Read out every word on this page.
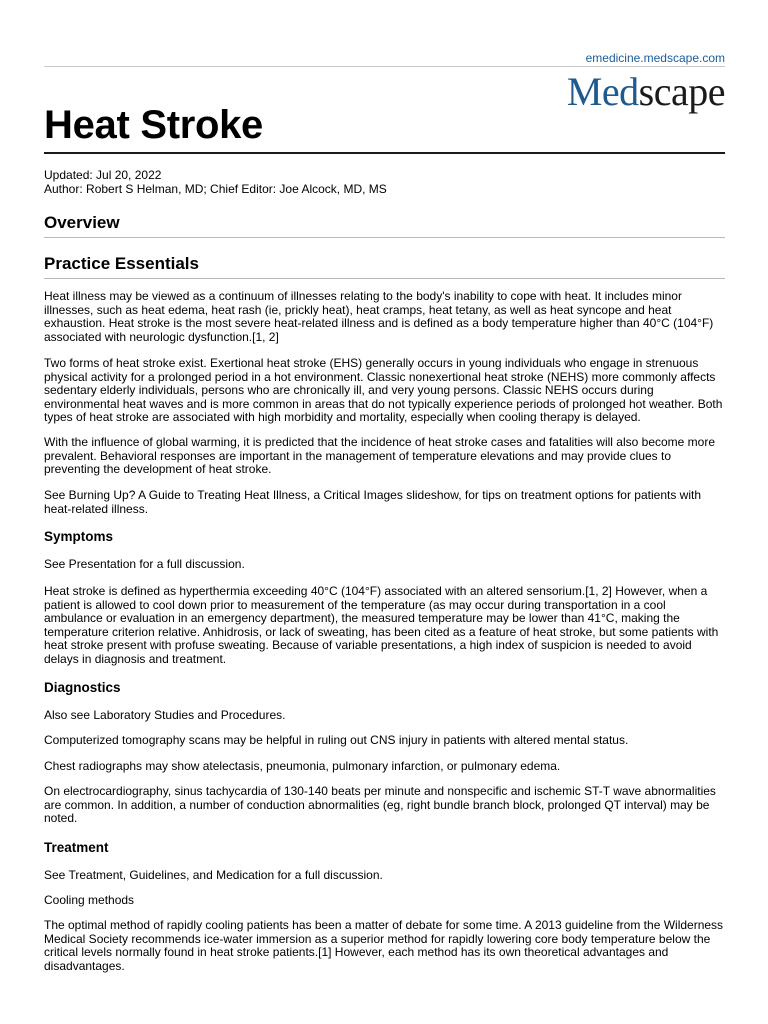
emedicine.medscape.com
Medscape
Heat Stroke
Updated: Jul 20, 2022
Author: Robert S Helman, MD; Chief Editor: Joe Alcock, MD, MS
Overview
Practice Essentials

Heat illness may be viewed as a continuum of illnesses relating to the body's inability to cope with heat. It includes minor illnesses, such as heat edema, heat rash (ie, prickly heat), heat cramps, heat tetany, as well as heat syncope and heat exhaustion. Heat stroke is the most severe heat-related illness and is defined as a body temperature higher than 40°C (104°F) associated with neurologic dysfunction.[1, 2]

Two forms of heat stroke exist. Exertional heat stroke (EHS) generally occurs in young individuals who engage in strenuous physical activity for a prolonged period in a hot environment. Classic nonexertional heat stroke (NEHS) more commonly affects sedentary elderly individuals, persons who are chronically ill, and very young persons. Classic NEHS occurs during environmental heat waves and is more common in areas that do not typically experience periods of prolonged hot weather. Both types of heat stroke are associated with high morbidity and mortality, especially when cooling therapy is delayed.

With the influence of global warming, it is predicted that the incidence of heat stroke cases and fatalities will also become more prevalent. Behavioral responses are important in the management of temperature elevations and may provide clues to preventing the development of heat stroke.

See Burning Up? A Guide to Treating Heat Illness, a Critical Images slideshow, for tips on treatment options for patients with heat-related illness.

Symptoms

See Presentation for a full discussion.

Heat stroke is defined as hyperthermia exceeding 40°C (104°F) associated with an altered sensorium.[1, 2] However, when a patient is allowed to cool down prior to measurement of the temperature (as may occur during transportation in a cool ambulance or evaluation in an emergency department), the measured temperature may be lower than 41°C, making the temperature criterion relative. Anhidrosis, or lack of sweating, has been cited as a feature of heat stroke, but some patients with heat stroke present with profuse sweating. Because of variable presentations, a high index of suspicion is needed to avoid delays in diagnosis and treatment.

Diagnostics

Also see Laboratory Studies and Procedures.

Computerized tomography scans may be helpful in ruling out CNS injury in patients with altered mental status.

Chest radiographs may show atelectasis, pneumonia, pulmonary infarction, or pulmonary edema.

On electrocardiography, sinus tachycardia of 130-140 beats per minute and nonspecific and ischemic ST-T wave abnormalities are common. In addition, a number of conduction abnormalities (eg, right bundle branch block, prolonged QT interval) may be noted.

Treatment

See Treatment, Guidelines, and Medication for a full discussion.

Cooling methods

The optimal method of rapidly cooling patients has been a matter of debate for some time. A 2013 guideline from the Wilderness Medical Society recommends ice-water immersion as a superior method for rapidly lowering core body temperature below the critical levels normally found in heat stroke patients.[1] However, each method has its own theoretical advantages and disadvantages.
